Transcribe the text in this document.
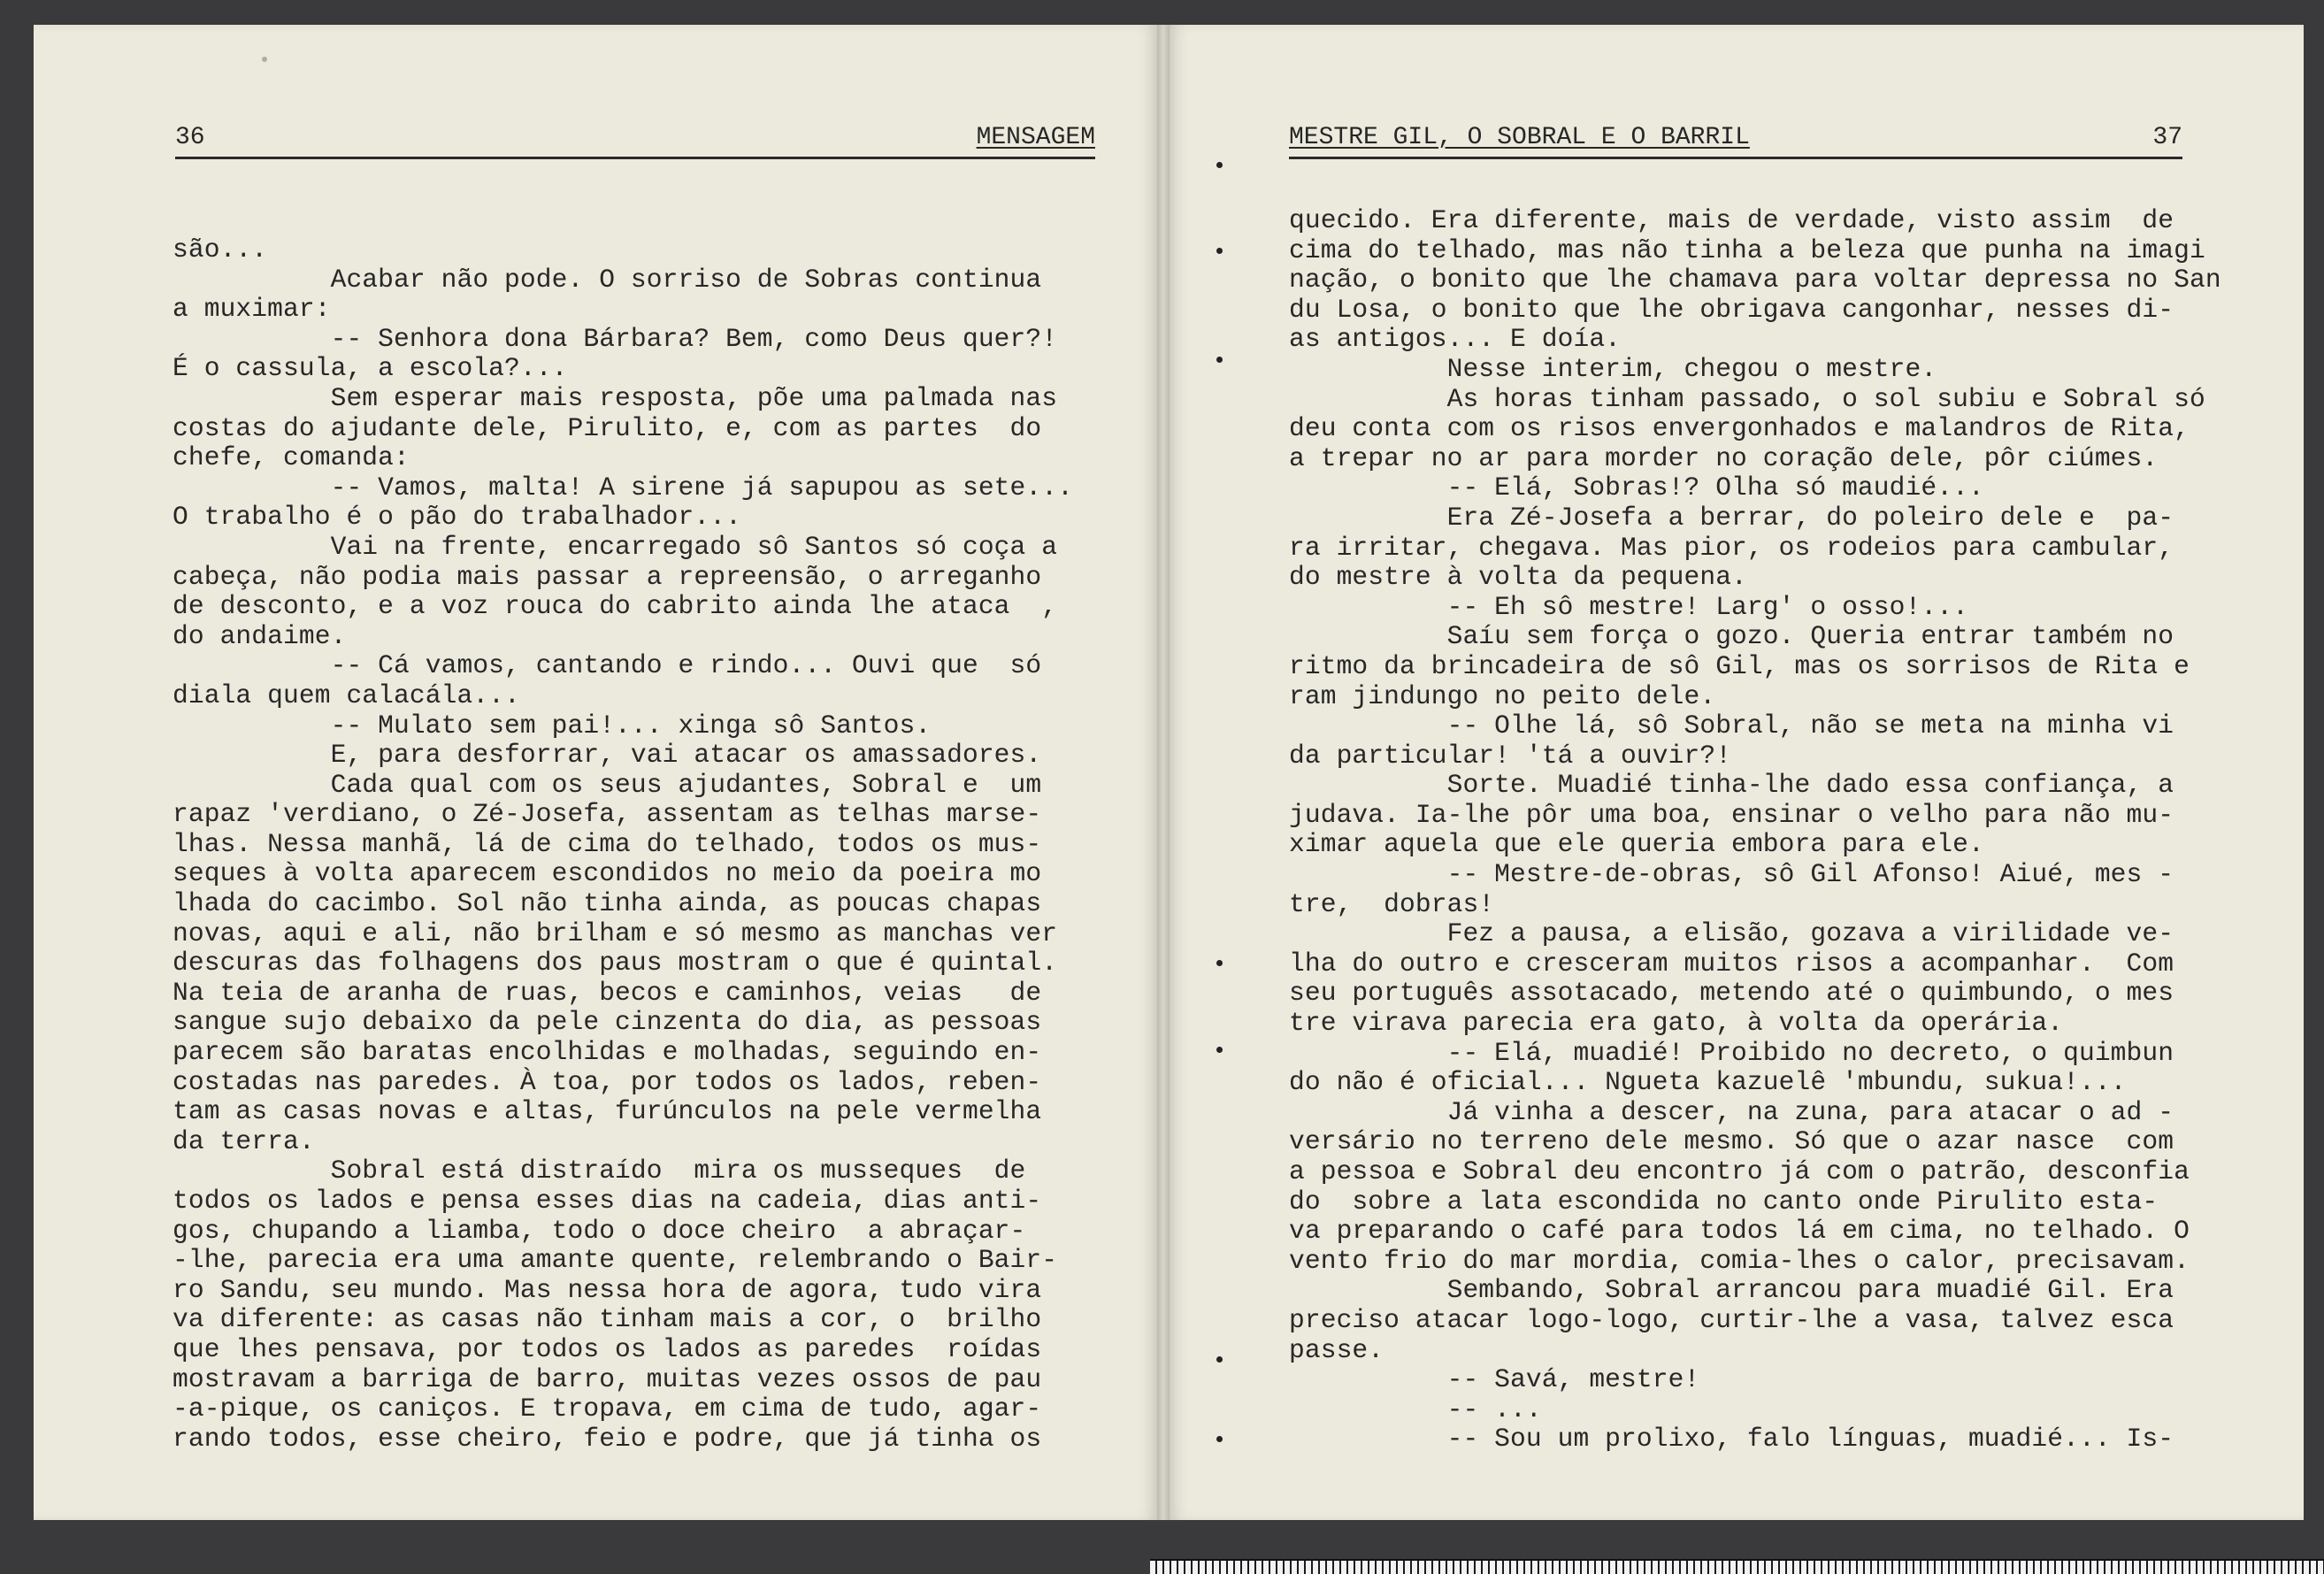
36	MENSAGEM
são...
Acabar não pode. O sorriso de Sobras continua
a muximar:
-- Senhora dona Bárbara? Bem, como Deus quer?!
É o cassula, a escola?...
Sem esperar mais resposta, põe uma palmada nas
costas do ajudante dele, Pirulito, e, com as partes  do
chefe, comanda:
-- Vamos, malta! A sirene já sapupou as sete...
O trabalho é o pão do trabalhador...
Vai na frente, encarregado sô Santos só coça a
cabeça, não podia mais passar a repreensão, o arreganho
de desconto, e a voz rouca do cabrito ainda lhe ataca  ,
do andaime.
-- Cá vamos, cantando e rindo... Ouvi que  só
diala quem calacála...
-- Mulato sem pai!... xinga sô Santos.
E, para desforrar, vai atacar os amassadores.
Cada qual com os seus ajudantes, Sobral e  um
rapaz 'verdiano, o Zé-Josefa, assentam as telhas marse-
lhas. Nessa manhã, lá de cima do telhado, todos os mus-
seques à volta aparecem escondidos no meio da poeira mo
lhada do cacimbo. Sol não tinha ainda, as poucas chapas
novas, aqui e ali, não brilham e só mesmo as manchas ver
descuras das folhagens dos paus mostram o que é quintal.
Na teia de aranha de ruas, becos e caminhos, veias   de
sangue sujo debaixo da pele cinzenta do dia, as pessoas
parecem são baratas encolhidas e molhadas, seguindo en-
costadas nas paredes. À toa, por todos os lados, reben-
tam as casas novas e altas, furúnculos na pele vermelha
da terra.
Sobral está distraído  mira os musseques  de
todos os lados e pensa esses dias na cadeia, dias anti-
gos, chupando a liamba, todo o doce cheiro  a abraçar-
-lhe, parecia era uma amante quente, relembrando o Bair-
ro Sandu, seu mundo. Mas nessa hora de agora, tudo vira
va diferente: as casas não tinham mais a cor, o  brilho
que lhes pensava, por todos os lados as paredes  roídas
mostravam a barriga de barro, muitas vezes ossos de pau
-a-pique, os caniços. E tropava, em cima de tudo, agar-
rando todos, esse cheiro, feio e podre, que já tinha os
MESTRE GIL, O SOBRAL E O BARRIL	37
quecido. Era diferente, mais de verdade, visto assim  de
cima do telhado, mas não tinha a beleza que punha na imagi
nação, o bonito que lhe chamava para voltar depressa no San
du Losa, o bonito que lhe obrigava cangonhar, nesses di-
as antigos... E doía.
Nesse interim, chegou o mestre.
As horas tinham passado, o sol subiu e Sobral só
deu conta com os risos envergonhados e malandros de Rita,
a trepar no ar para morder no coração dele, pôr ciúmes.
-- Elá, Sobras!? Olha só maudié...
Era Zé-Josefa a berrar, do poleiro dele e  pa-
ra irritar, chegava. Mas pior, os rodeios para cambular,
do mestre à volta da pequena.
-- Eh sô mestre! Larg' o osso!...
Saíu sem força o gozo. Queria entrar também no
ritmo da brincadeira de sô Gil, mas os sorrisos de Rita e
ram jindungo no peito dele.
-- Olhe lá, sô Sobral, não se meta na minha vi
da particular! 'tá a ouvir?!
Sorte. Muadié tinha-lhe dado essa confiança, a
judava. Ia-lhe pôr uma boa, ensinar o velho para não mu-
ximar aquela que ele queria embora para ele.
-- Mestre-de-obras, sô Gil Afonso! Aiué, mes -
tre,  dobras!
Fez a pausa, a elisão, gozava a virilidade ve-
lha do outro e cresceram muitos risos a acompanhar.  Com
seu português assotacado, metendo até o quimbundo, o mes
tre virava parecia era gato, à volta da operária.
-- Elá, muadié! Proibido no decreto, o quimbun
do não é oficial... Ngueta kazuelê 'mbundu, sukua!...
Já vinha a descer, na zuna, para atacar o ad -
versário no terreno dele mesmo. Só que o azar nasce  com
a pessoa e Sobral deu encontro já com o patrão, desconfia
do  sobre a lata escondida no canto onde Pirulito esta-
va preparando o café para todos lá em cima, no telhado. O
vento frio do mar mordia, comia-lhes o calor, precisavam.
Sembando, Sobral arrancou para muadié Gil. Era
preciso atacar logo-logo, curtir-lhe a vasa, talvez esca
passe.
-- Savá, mestre!
-- ...
-- Sou um prolixo, falo línguas, muadié... Is-
